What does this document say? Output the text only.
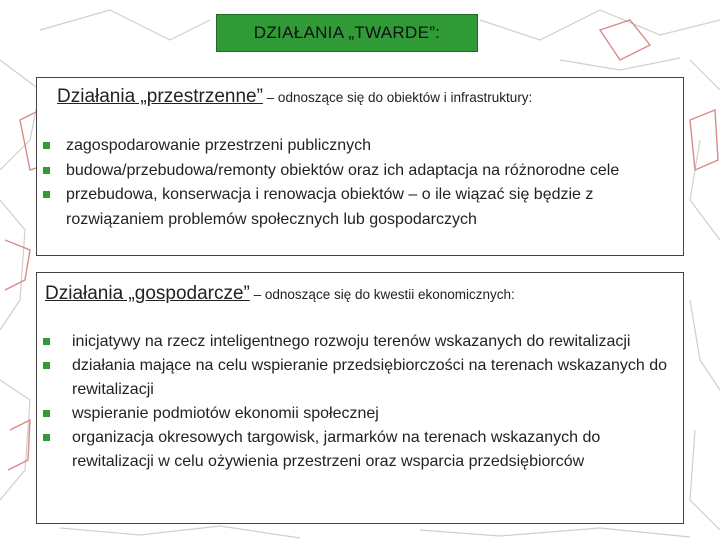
DZIAŁANIA „TWARDE”:
Działania „przestrzenne” – odnoszące się do obiektów i infrastruktury:
zagospodarowanie przestrzeni publicznych
budowa/przebudowa/remonty obiektów oraz ich adaptacja na różnorodne cele
przebudowa, konserwacja i renowacja obiektów – o ile wiązać się będzie z rozwiązaniem problemów społecznych lub gospodarczych
Działania „gospodarcze” – odnoszące się do kwestii ekonomicznych:
inicjatywy na rzecz inteligentnego rozwoju terenów wskazanych do rewitalizacji
działania mające na celu wspieranie przedsiębiorczości na terenach wskazanych do rewitalizacji
wspieranie podmiotów ekonomii społecznej
organizacja okresowych targowisk, jarmarków na terenach wskazanych do rewitalizacji w celu ożywienia przestrzeni oraz wsparcia przedsiębiorców
